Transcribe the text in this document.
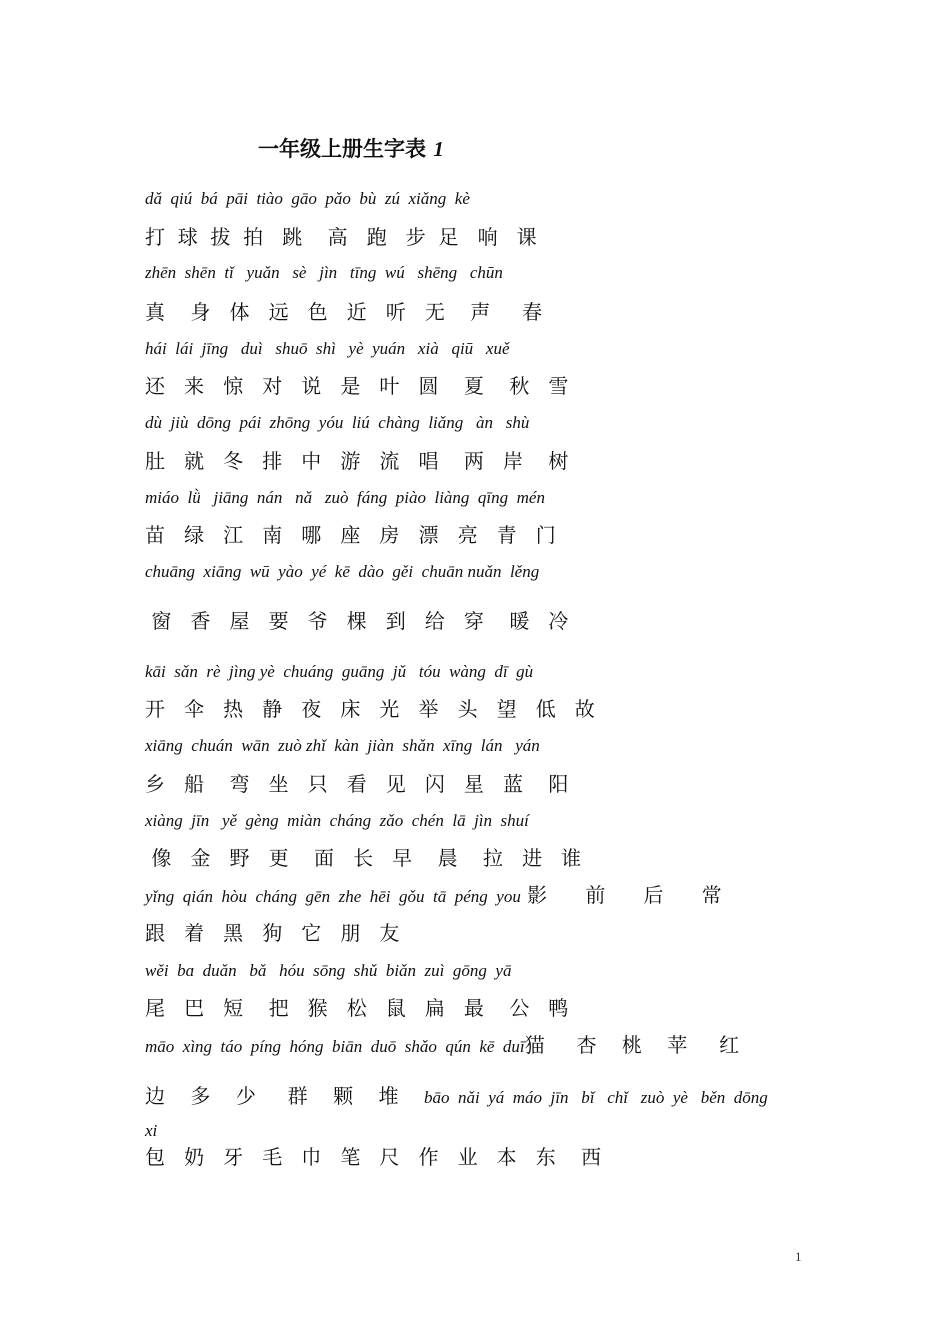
一年级上册生字表 1
dǎ  qiú  bá  pāi  tiào  gāo  pǎo  bù  zú  xiǎng  kè
打  球  拔  拍   跳    高   跑   步  足   响   课
zhēn  shēn  tǐ   yuǎn   sè   jìn   tīng  wú   shēng   chūn
真    身   体   远   色   近   听   无    声     春
hái  lái  jīng   duì   shuō  shì   yè  yuán   xià   qiū   xuě
还   来   惊   对   说   是   叶   圆    夏    秋   雪
dù  jiù  dōng  pái  zhōng  yóu  liú  chàng  liǎng   àn   shù
肚   就   冬   排   中   游   流   唱    两   岸    树
miáo  lǜ   jiāng  nán   nǎ   zuò  fáng  piào  liàng  qīng  mén
苗   绿   江   南   哪   座   房   漂   亮   青   门
chuāng  xiāng  wū  yào  yé  kē  dào  gěi  chuān nuǎn  lěng
窗   香   屋   要   爷   棵   到   给   穿    暖   冷
kāi  sǎn  rè  jìng yè  chuáng  guāng  jǔ   tóu  wàng  dī  gù
开   伞   热   静   夜   床   光   举   头   望   低   故
xiāng  chuán  wān  zuò zhǐ  kàn  jiàn  shǎn  xīng  lán   yán
乡   船    弯   坐   只   看   见   闪   星   蓝    阳
xiàng  jīn   yě  gèng  miàn  cháng  zǎo  chén  lā  jìn  shuí
像   金   野   更    面   长   早    晨    拉   进   谁
yǐng  qián  hòu  cháng  gēn  zhe  hēi  gǒu  tā  péng  you 影      前      后      常
跟   着   黑   狗   它   朋   友
wěi  bɑ  duǎn   bǎ   hóu  sōng  shǔ  biǎn  zuì  gōng  yā
尾   巴   短    把   猴   松   鼠   扁   最    公   鸭
māo  xìng  táo  píng  hóng  biān  duō  shǎo  qún  kē  duī猫     杏    桃    苹     红
边    多    少     群    颗    堆      bāo  nǎi  yá  máo  jīn   bǐ   chǐ   zuò  yè   běn  dōng
xi
包   奶   牙   毛   巾   笔   尺   作   业   本   东    西
1
